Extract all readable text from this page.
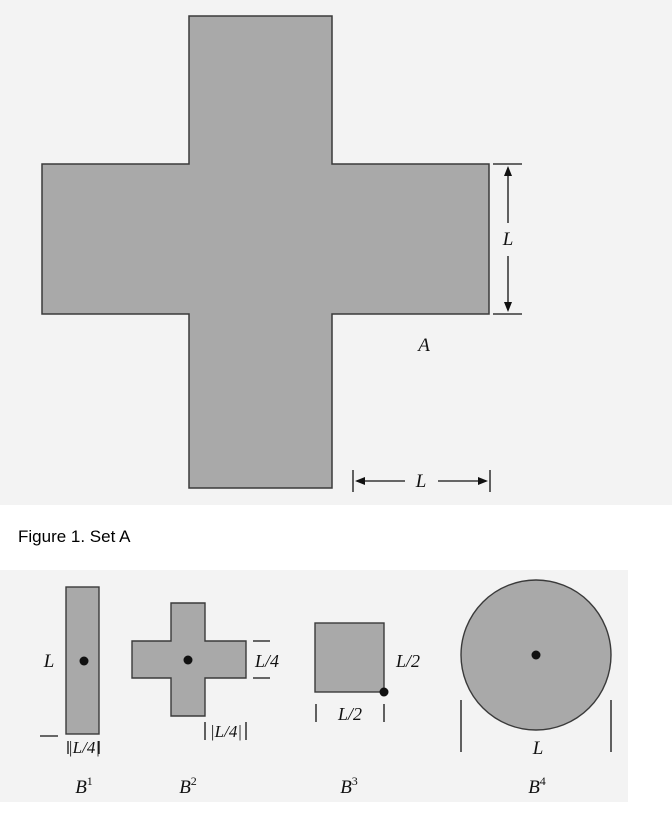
L
A
L
Figure 1. Set A
L
|L/4|
$B^1$
L/4
|L/4|
$B^2$
L/2
L/2
$B^3$
L
$B^4$
